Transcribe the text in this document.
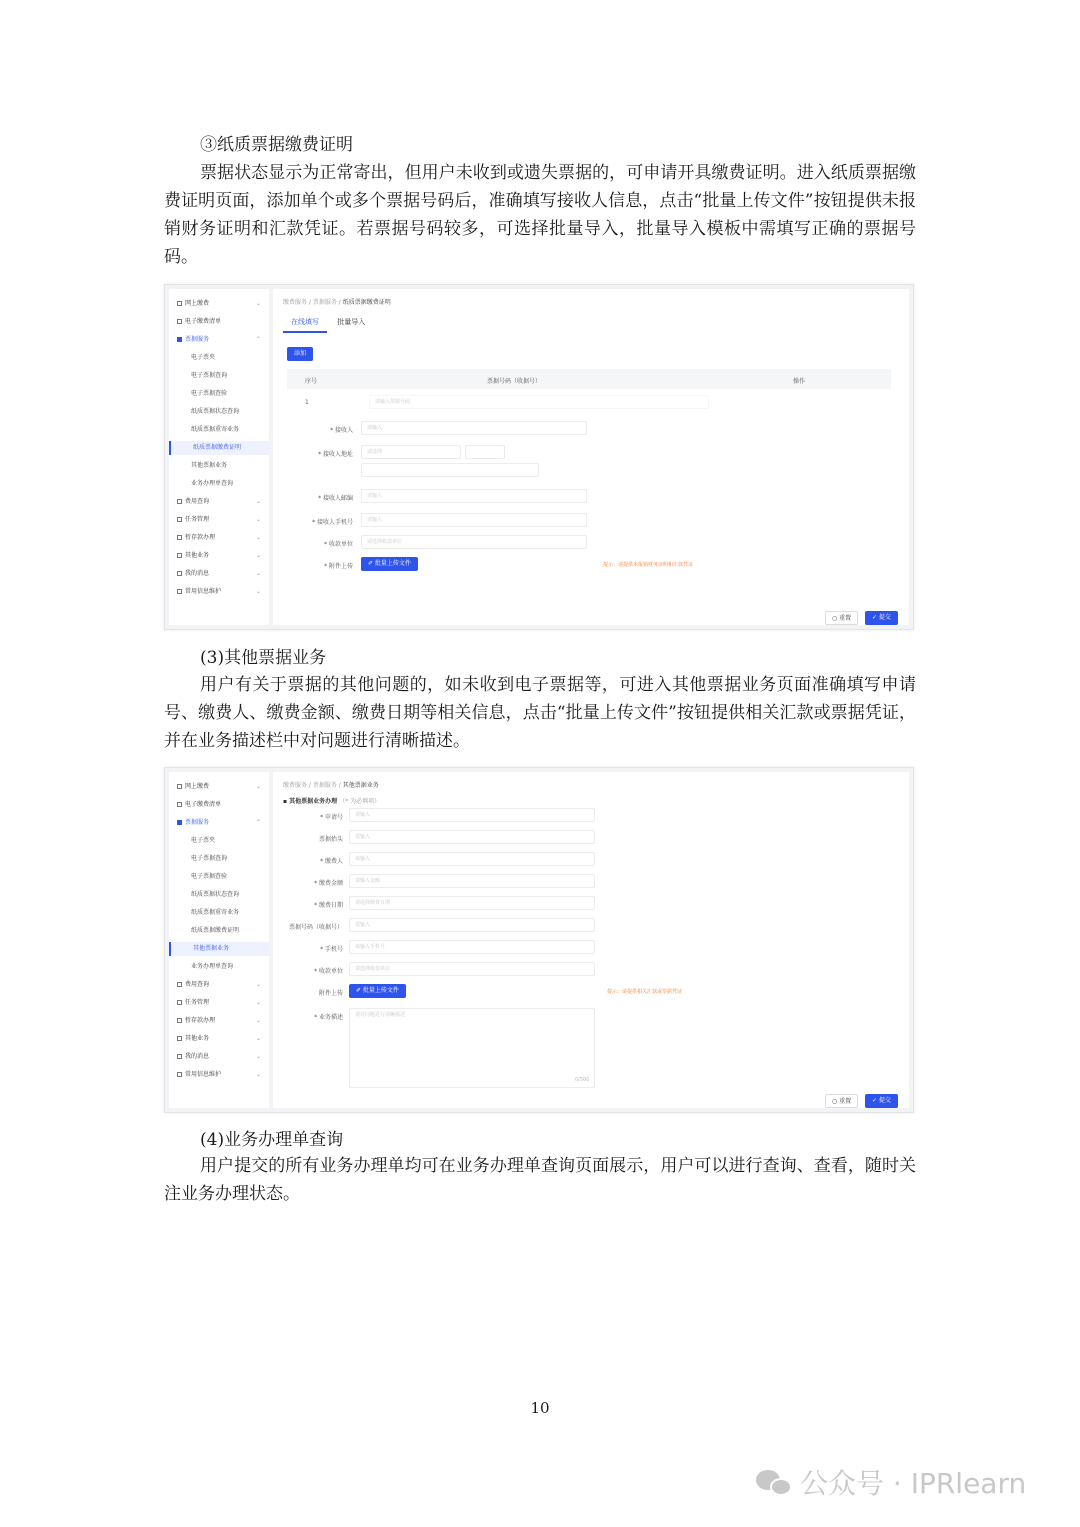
③纸质票据缴费证明
票据状态显示为正常寄出，但用户未收到或遗失票据的，可申请开具缴费证明。进入纸质票据缴费证明页面，添加单个或多个票据号码后，准确填写接收人信息，点击“批量上传文件”按钮提供未报销财务证明和汇款凭证。若票据号码较多，可选择批量导入，批量导入模板中需填写正确的票据号码。
网上缴费	⌄
电子缴费清单
票据服务	⌃
电子票夹
电子票据查询
电子票据查验
纸质票据状态查询
纸质票据重寄业务
纸质票据缴费证明
其他票据业务
业务办理单查询
费用查询	⌄
任务管理	⌄
暂存款办理	⌄
其他业务	⌄
我的消息	⌄
常用信息维护	⌄
缴费服务 / 票据服务 / 纸质票据缴费证明
在线填写	批量导入
添加
序号	票据号码（收据号）	操作
1	请输入票据号码
* 接收人	请输入
* 接收人地址	请选择
* 接收人邮编	请输入
* 接收人手机号	请输入
* 收款单位	请选择收款单位
* 附件上传	✐ 批量上传文件	提示：请提供未报销财务证明和汇款凭证
○ 重置	✓ 提交
(3)其他票据业务
用户有关于票据的其他问题的，如未收到电子票据等，可进入其他票据业务页面准确填写申请号、缴费人、缴费金额、缴费日期等相关信息，点击“批量上传文件”按钮提供相关汇款或票据凭证，并在业务描述栏中对问题进行清晰描述。
网上缴费	⌄
电子缴费清单
票据服务	⌃
电子票夹
电子票据查询
电子票据查验
纸质票据状态查询
纸质票据重寄业务
纸质票据缴费证明
其他票据业务
业务办理单查询
费用查询	⌄
任务管理	⌄
暂存款办理	⌄
其他业务	⌄
我的消息	⌄
常用信息维护	⌄
缴费服务 / 票据服务 / 其他票据业务
▪ 其他票据业务办理 （* 为必填项）
* 申请号	请输入
票据抬头	请输入
* 缴费人	请输入
* 缴费金额	请输入金额
* 缴费日期	请选择缴费日期
票据号码（收据号）	请输入
* 手机号	请输入手机号
* 收款单位	请选择收款单位
附件上传	✐ 批量上传文件	提示：请提供相关汇款或票据凭证
* 业务描述	请对问题进行清晰描述
0/500
○ 重置	✓ 提交
(4)业务办理单查询
用户提交的所有业务办理单均可在业务办理单查询页面展示，用户可以进行查询、查看，随时关注业务办理状态。
10
公众号 · IPRlearn
